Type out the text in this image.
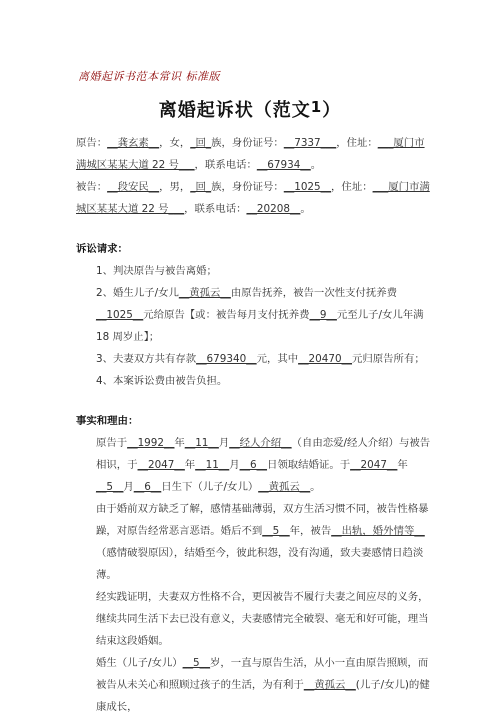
离婚起诉书范本常识 标准版
离婚起诉状（范文$^1$）

原告：__龚玄素__，女，_回_族，身份证号：__7337___，住址：___厦门市满城区某某大道 22 号___，联系电话：__67934__。

被告：__段安民__，男，_回_族，身份证号：__1025__，住址：___厦门市满城区某某大道 22 号___，联系电话：__20208__。

诉讼请求：

1、判决原告与被告离婚；

2、婚生儿子/女儿__黄孤云__由原告抚养，被告一次性支付抚养费__1025__元给原告【或：被告每月支付抚养费__9__元至儿子/女儿年满 18 周岁止】；

3、夫妻双方共有存款__679340__元，其中__20470__元归原告所有；

4、本案诉讼费由被告负担。

事实和理由：

原告于__1992__年__11__月__经人介绍__（自由恋爱/经人介绍）与被告相识，于__2047__年__11__月__6__日领取结婚证。于__2047__年__5__月__6__日生下（儿子/女儿）__黄孤云__。

由于婚前双方缺乏了解，感情基础薄弱，双方生活习惯不同，被告性格暴躁，对原告经常恶言恶语。婚后不到__5__年，被告__出轨，婚外情等__（感情破裂原因），结婚至今，彼此积怨，没有沟通，致夫妻感情日趋淡薄。

经实践证明，夫妻双方性格不合，更因被告不履行夫妻之间应尽的义务，继续共同生活下去已没有意义，夫妻感情完全破裂、毫无和好可能，理当结束这段婚姻。

婚生（儿子/女儿）__5__岁，一直与原告生活，从小一直由原告照顾，而被告从未关心和照顾过孩子的生活，为有利于__黄孤云__(儿子/女儿)的健康成长，
